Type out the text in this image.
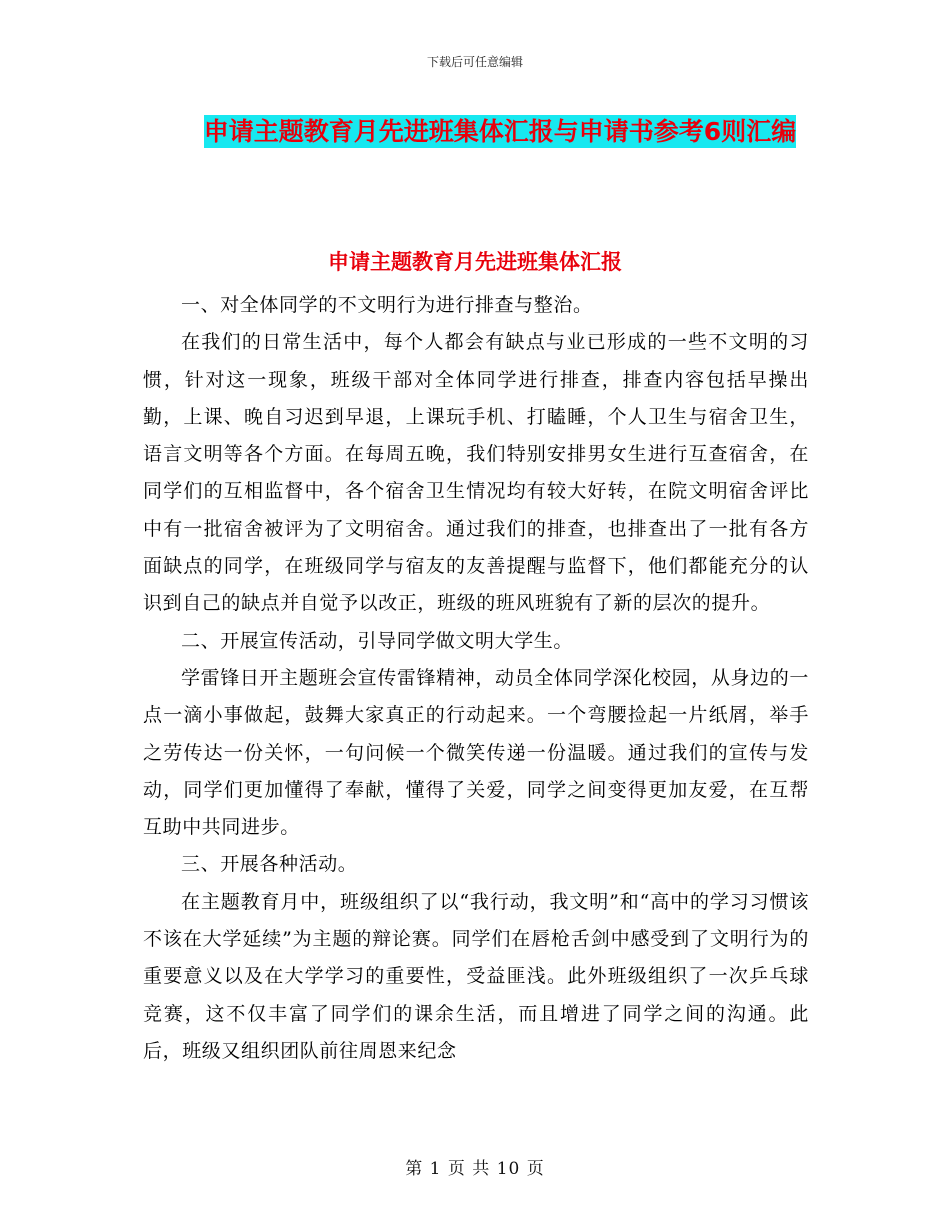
下载后可任意编辑
申请主题教育月先进班集体汇报与申请书参考6则汇编
申请主题教育月先进班集体汇报

一、对全体同学的不文明行为进行排查与整治。

在我们的日常生活中，每个人都会有缺点与业已形成的一些不文明的习惯，针对这一现象，班级干部对全体同学进行排查，排查内容包括早操出勤，上课、晚自习迟到早退，上课玩手机、打瞌睡，个人卫生与宿舍卫生，语言文明等各个方面。在每周五晚，我们特别安排男女生进行互查宿舍，在同学们的互相监督中，各个宿舍卫生情况均有较大好转，在院文明宿舍评比中有一批宿舍被评为了文明宿舍。通过我们的排查，也排查出了一批有各方面缺点的同学，在班级同学与宿友的友善提醒与监督下，他们都能充分的认识到自己的缺点并自觉予以改正，班级的班风班貌有了新的层次的提升。

二、开展宣传活动，引导同学做文明大学生。

学雷锋日开主题班会宣传雷锋精神，动员全体同学深化校园，从身边的一点一滴小事做起，鼓舞大家真正的行动起来。一个弯腰捡起一片纸屑，举手之劳传达一份关怀，一句问候一个微笑传递一份温暖。通过我们的宣传与发动，同学们更加懂得了奉献，懂得了关爱，同学之间变得更加友爱，在互帮互助中共同进步。

三、开展各种活动。

在主题教育月中，班级组织了以“我行动，我文明”和“高中的学习习惯该不该在大学延续”为主题的辩论赛。同学们在唇枪舌剑中感受到了文明行为的重要意义以及在大学学习的重要性，受益匪浅。此外班级组织了一次乒乓球竞赛，这不仅丰富了同学们的课余生活，而且增进了同学之间的沟通。此后，班级又组织团队前往周恩来纪念

第 1 页 共 10 页
